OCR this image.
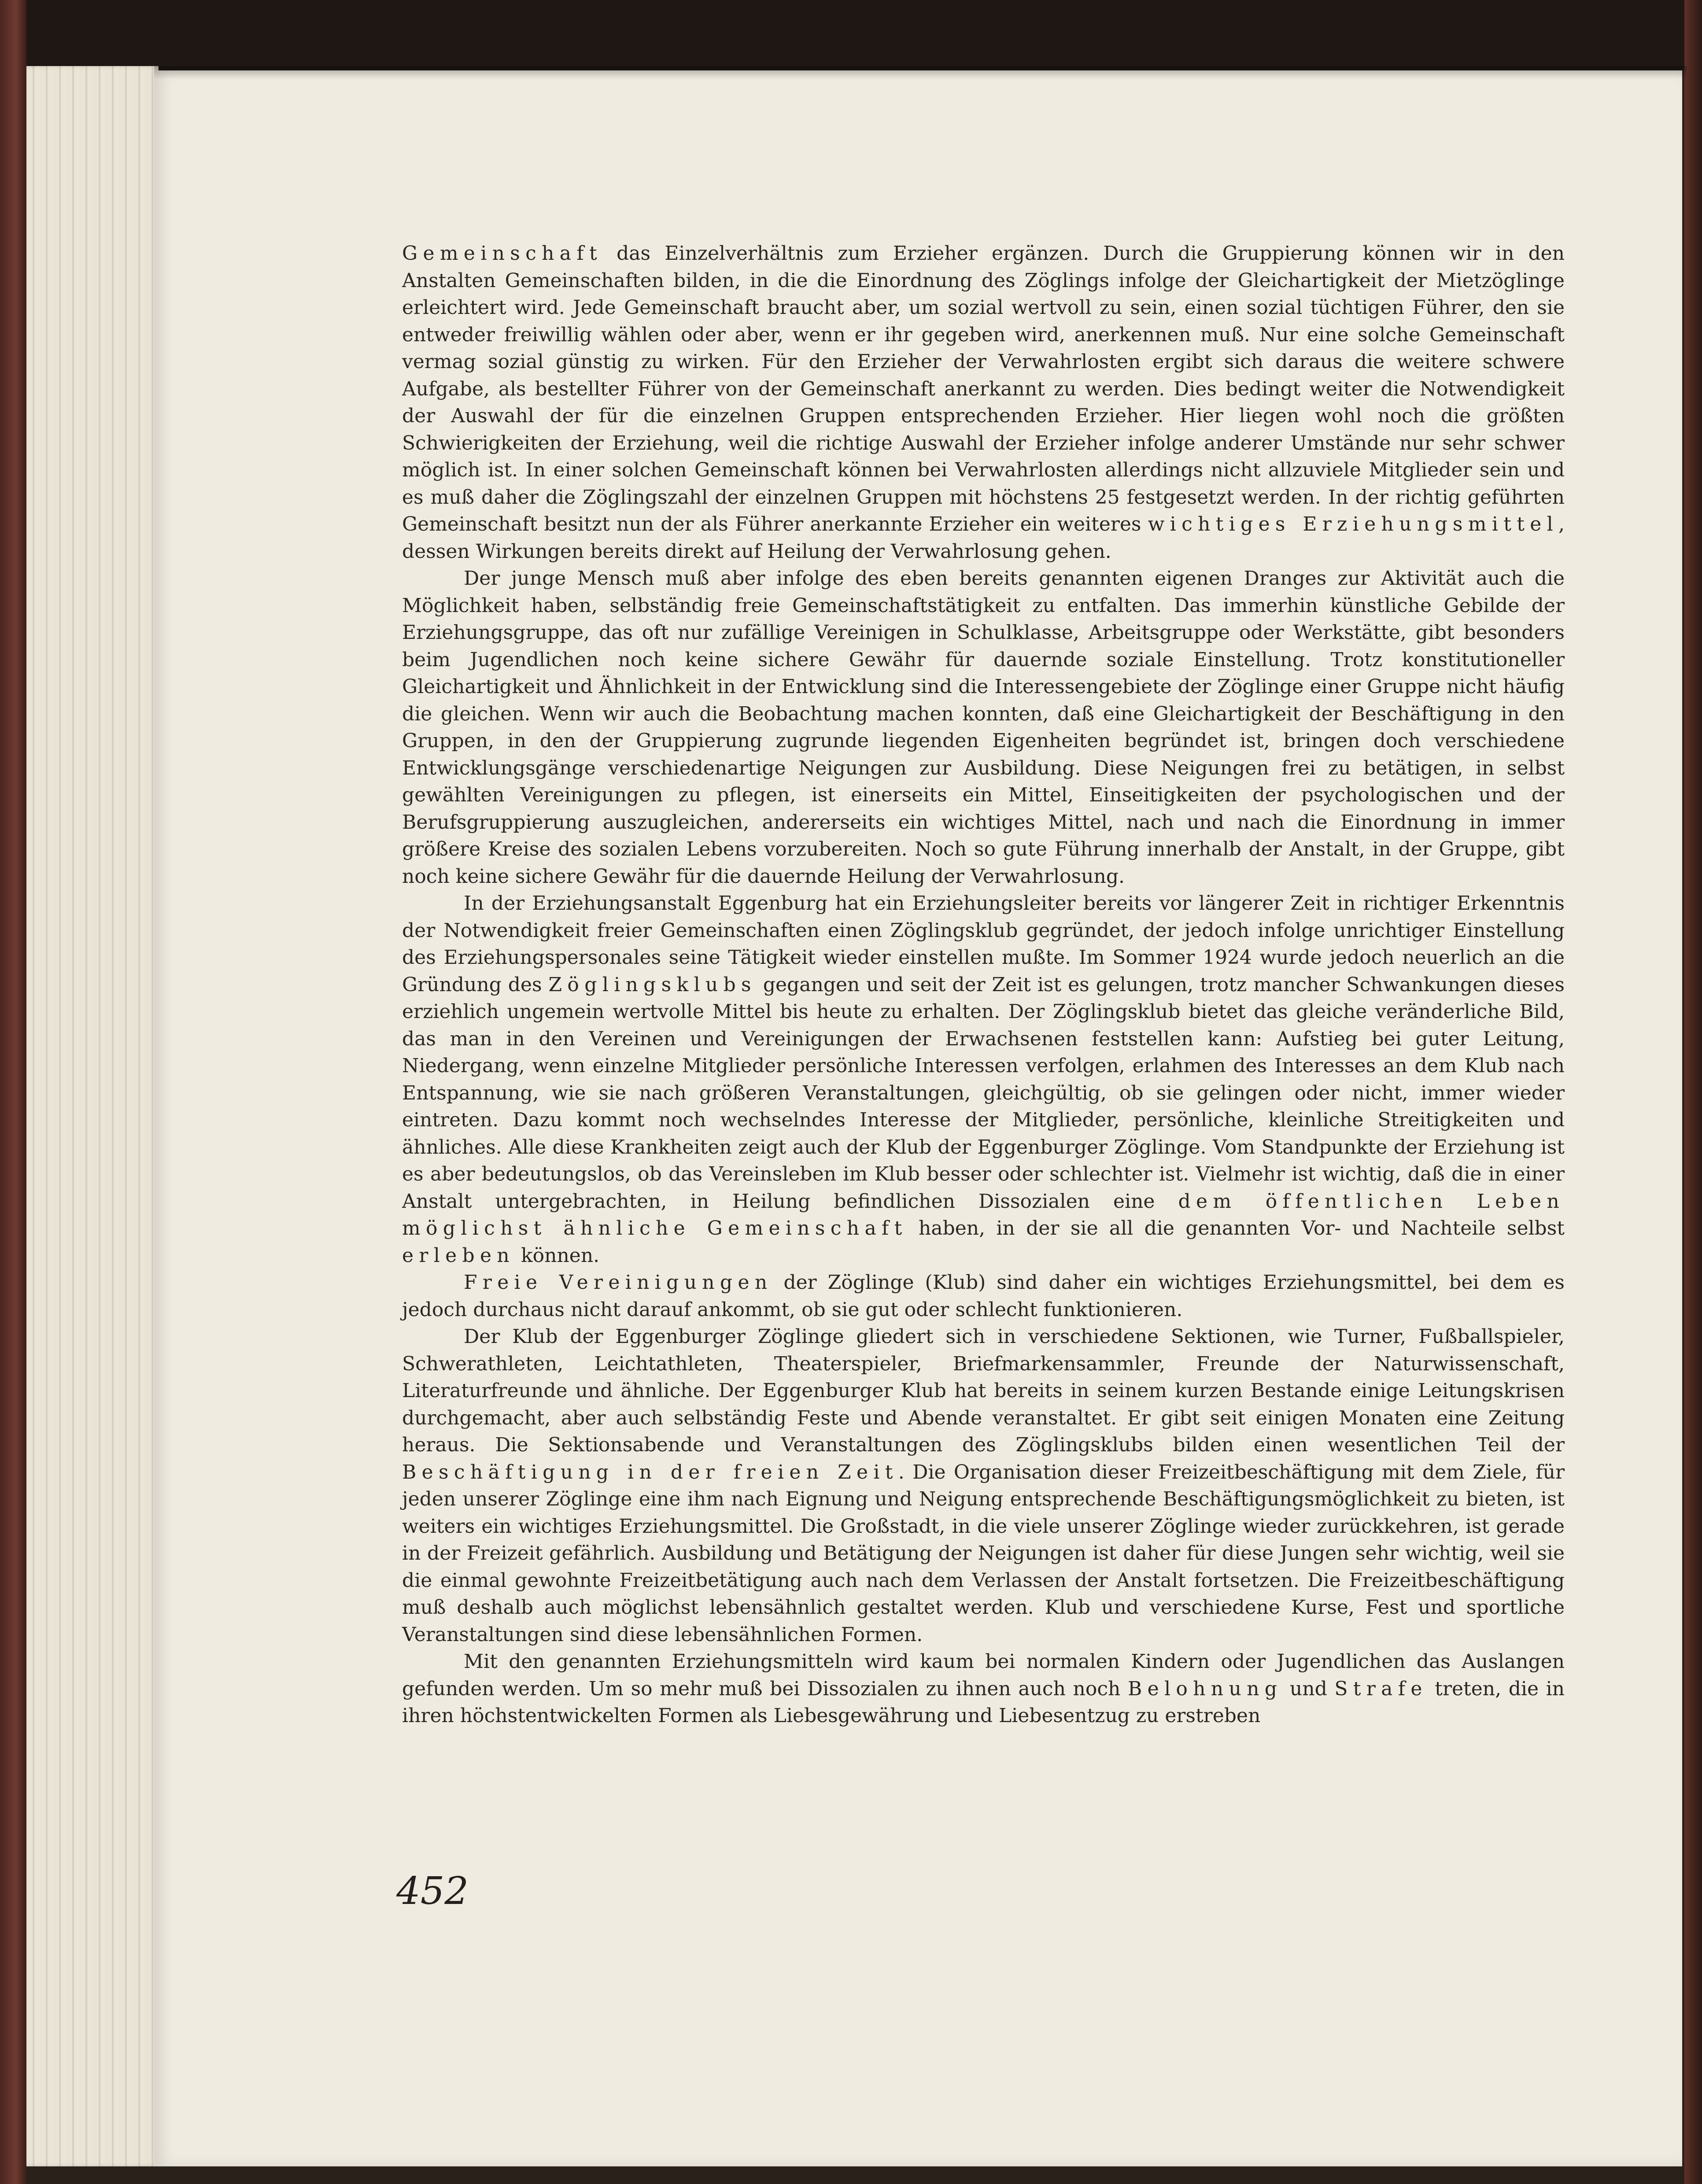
Gemeinschaft das Einzelverhältnis zum Erzieher ergänzen. Durch die Gruppierung können wir in den Anstalten Gemeinschaften bilden, in die die Einordnung des Zöglings infolge der Gleichartigkeit der Mietzöglinge erleichtert wird. Jede Gemeinschaft braucht aber, um sozial wertvoll zu sein, einen sozial tüchtigen Führer, den sie entweder freiwillig wählen oder aber, wenn er ihr gegeben wird, anerkennen muß. Nur eine solche Gemeinschaft vermag sozial günstig zu wirken. Für den Erzieher der Verwahrlosten ergibt sich daraus die weitere schwere Aufgabe, als bestellter Führer von der Gemeinschaft anerkannt zu werden. Dies bedingt weiter die Notwendigkeit der Auswahl der für die einzelnen Gruppen entsprechenden Erzieher. Hier liegen wohl noch die größten Schwierigkeiten der Erziehung, weil die richtige Auswahl der Erzieher infolge anderer Umstände nur sehr schwer möglich ist. In einer solchen Gemeinschaft können bei Verwahrlosten allerdings nicht allzuviele Mitglieder sein und es muß daher die Zöglingszahl der einzelnen Gruppen mit höchstens 25 festgesetzt werden. In der richtig geführten Gemeinschaft besitzt nun der als Führer anerkannte Erzieher ein weiteres wichtiges Erziehungsmittel, dessen Wirkungen bereits direkt auf Heilung der Verwahrlosung gehen.

Der junge Mensch muß aber infolge des eben bereits genannten eigenen Dranges zur Aktivität auch die Möglichkeit haben, selbständig freie Gemeinschaftstätigkeit zu entfalten. Das immerhin künstliche Gebilde der Erziehungsgruppe, das oft nur zufällige Vereinigen in Schulklasse, Arbeitsgruppe oder Werkstätte, gibt besonders beim Jugendlichen noch keine sichere Gewähr für dauernde soziale Einstellung. Trotz konstitutioneller Gleichartigkeit und Ähnlichkeit in der Entwicklung sind die Interessengebiete der Zöglinge einer Gruppe nicht häufig die gleichen. Wenn wir auch die Beobachtung machen konnten, daß eine Gleichartigkeit der Beschäftigung in den Gruppen, in den der Gruppierung zugrunde liegenden Eigenheiten begründet ist, bringen doch verschiedene Entwicklungsgänge verschiedenartige Neigungen zur Ausbildung. Diese Neigungen frei zu betätigen, in selbst gewählten Vereinigungen zu pflegen, ist einerseits ein Mittel, Einseitigkeiten der psychologischen und der Berufsgruppierung auszugleichen, andererseits ein wichtiges Mittel, nach und nach die Einordnung in immer größere Kreise des sozialen Lebens vorzubereiten. Noch so gute Führung innerhalb der Anstalt, in der Gruppe, gibt noch keine sichere Gewähr für die dauernde Heilung der Verwahrlosung.

In der Erziehungsanstalt Eggenburg hat ein Erziehungsleiter bereits vor längerer Zeit in richtiger Erkenntnis der Notwendigkeit freier Gemeinschaften einen Zöglingsklub gegründet, der jedoch infolge unrichtiger Einstellung des Erziehungspersonales seine Tätigkeit wieder einstellen mußte. Im Sommer 1924 wurde jedoch neuerlich an die Gründung des Zöglingsklubs gegangen und seit der Zeit ist es gelungen, trotz mancher Schwankungen dieses erziehlich ungemein wertvolle Mittel bis heute zu erhalten. Der Zöglingsklub bietet das gleiche veränderliche Bild, das man in den Vereinen und Vereinigungen der Erwachsenen feststellen kann: Aufstieg bei guter Leitung, Niedergang, wenn einzelne Mitglieder persönliche Interessen verfolgen, erlahmen des Interesses an dem Klub nach Entspannung, wie sie nach größeren Veranstaltungen, gleichgültig, ob sie gelingen oder nicht, immer wieder eintreten. Dazu kommt noch wechselndes Interesse der Mitglieder, persönliche, kleinliche Streitigkeiten und ähnliches. Alle diese Krankheiten zeigt auch der Klub der Eggenburger Zöglinge. Vom Standpunkte der Erziehung ist es aber bedeutungslos, ob das Vereinsleben im Klub besser oder schlechter ist. Vielmehr ist wichtig, daß die in einer Anstalt untergebrachten, in Heilung befindlichen Dissozialen eine dem öffentlichen Leben möglichst ähnliche Gemeinschaft haben, in der sie all die genannten Vor- und Nachteile selbst erleben können.

Freie Vereinigungen der Zöglinge (Klub) sind daher ein wichtiges Erziehungsmittel, bei dem es jedoch durchaus nicht darauf ankommt, ob sie gut oder schlecht funktionieren.

Der Klub der Eggenburger Zöglinge gliedert sich in verschiedene Sektionen, wie Turner, Fußballspieler, Schwerathleten, Leichtathleten, Theaterspieler, Briefmarkensammler, Freunde der Naturwissenschaft, Literaturfreunde und ähnliche. Der Eggenburger Klub hat bereits in seinem kurzen Bestande einige Leitungskrisen durchgemacht, aber auch selbständig Feste und Abende veranstaltet. Er gibt seit einigen Monaten eine Zeitung heraus. Die Sektionsabende und Veranstaltungen des Zöglingsklubs bilden einen wesentlichen Teil der Beschäftigung in der freien Zeit. Die Organisation dieser Freizeitbeschäftigung mit dem Ziele, für jeden unserer Zöglinge eine ihm nach Eignung und Neigung entsprechende Beschäftigungsmöglichkeit zu bieten, ist weiters ein wichtiges Erziehungsmittel. Die Großstadt, in die viele unserer Zöglinge wieder zurückkehren, ist gerade in der Freizeit gefährlich. Ausbildung und Betätigung der Neigungen ist daher für diese Jungen sehr wichtig, weil sie die einmal gewohnte Freizeitbetätigung auch nach dem Verlassen der Anstalt fortsetzen. Die Freizeitbeschäftigung muß deshalb auch möglichst lebensähnlich gestaltet werden. Klub und verschiedene Kurse, Fest und sportliche Veranstaltungen sind diese lebensähnlichen Formen.

Mit den genannten Erziehungsmitteln wird kaum bei normalen Kindern oder Jugendlichen das Auslangen gefunden werden. Um so mehr muß bei Dissozialen zu ihnen auch noch Belohnung und Strafe treten, die in ihren höchstentwickelten Formen als Liebesgewährung und Liebesentzug zu erstreben

452
